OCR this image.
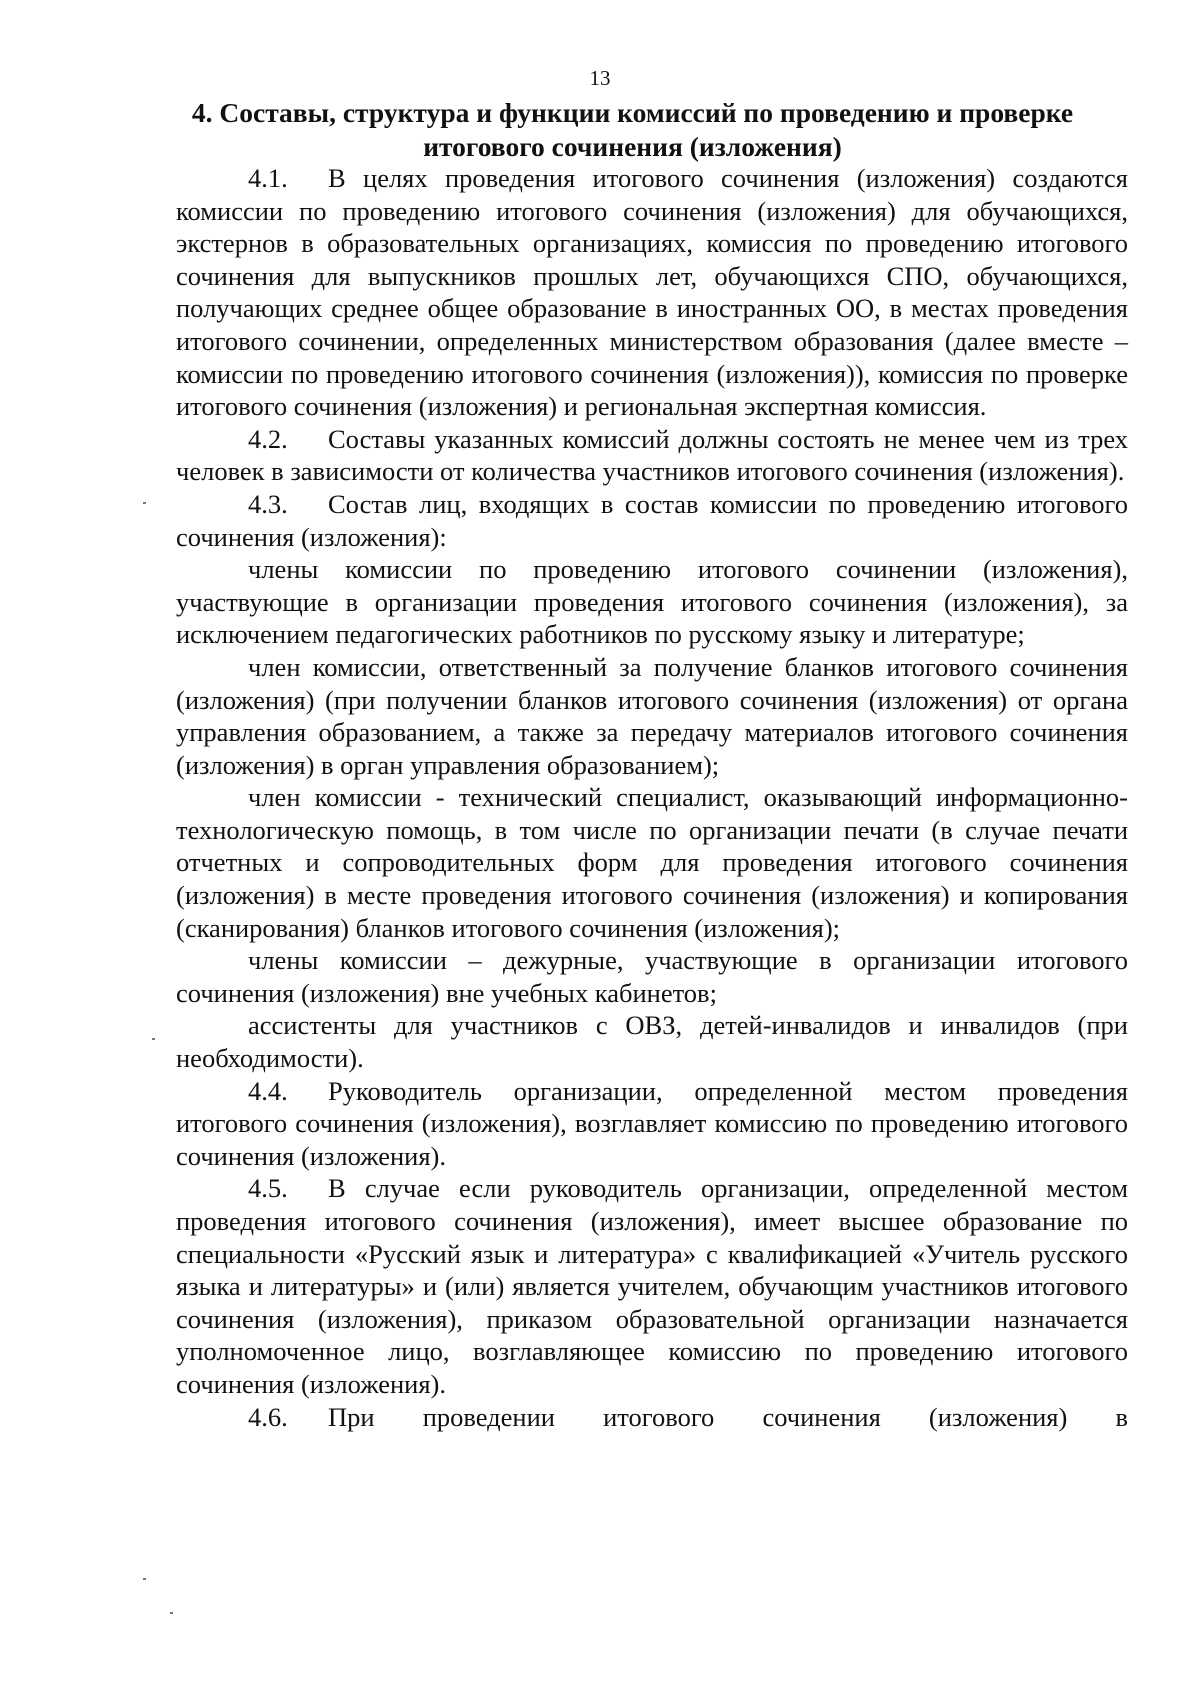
13
4. Составы, структура и функции комиссий по проведению и проверке итогового сочинения (изложения)

4.1. В целях проведения итогового сочинения (изложения) создаются комиссии по проведению итогового сочинения (изложения) для обучающихся, экстернов в образовательных организациях, комиссия по проведению итогового сочинения для выпускников прошлых лет, обучающихся СПО, обучающихся, получающих среднее общее образование в иностранных ОО, в местах проведения итогового сочинении, определенных министерством образования (далее вместе – комиссии по проведению итогового сочинения (изложения)), комиссия по проверке итогового сочинения (изложения) и региональная экспертная комиссия.

4.2. Составы указанных комиссий должны состоять не менее чем из трех человек в зависимости от количества участников итогового сочинения (изложения).

4.3. Состав лиц, входящих в состав комиссии по проведению итогового сочинения (изложения):

члены комиссии по проведению итогового сочинении (изложения), участвующие в организации проведения итогового сочинения (изложения), за исключением педагогических работников по русскому языку и литературе;

член комиссии, ответственный за получение бланков итогового сочинения (изложения) (при получении бланков итогового сочинения (изложения) от органа управления образованием, а также за передачу материалов итогового сочинения (изложения) в орган управления образованием);

член комиссии - технический специалист, оказывающий информационно-технологическую помощь, в том числе по организации печати (в случае печати отчетных и сопроводительных форм для проведения итогового сочинения (изложения) в месте проведения итогового сочинения (изложения) и копирования (сканирования) бланков итогового сочинения (изложения);

члены комиссии – дежурные, участвующие в организации итогового сочинения (изложения) вне учебных кабинетов;

ассистенты для участников с ОВЗ, детей-инвалидов и инвалидов (при необходимости).

4.4. Руководитель организации, определенной местом проведения итогового сочинения (изложения), возглавляет комиссию по проведению итогового сочинения (изложения).

4.5. В случае если руководитель организации, определенной местом проведения итогового сочинения (изложения), имеет высшее образование по специальности «Русский язык и литература» с квалификацией «Учитель русского языка и литературы» и (или) является учителем, обучающим участников итогового сочинения (изложения), приказом образовательной организации назначается уполномоченное лицо, возглавляющее комиссию по проведению итогового сочинения (изложения).

4.6. При проведении итогового сочинения (изложения) в
